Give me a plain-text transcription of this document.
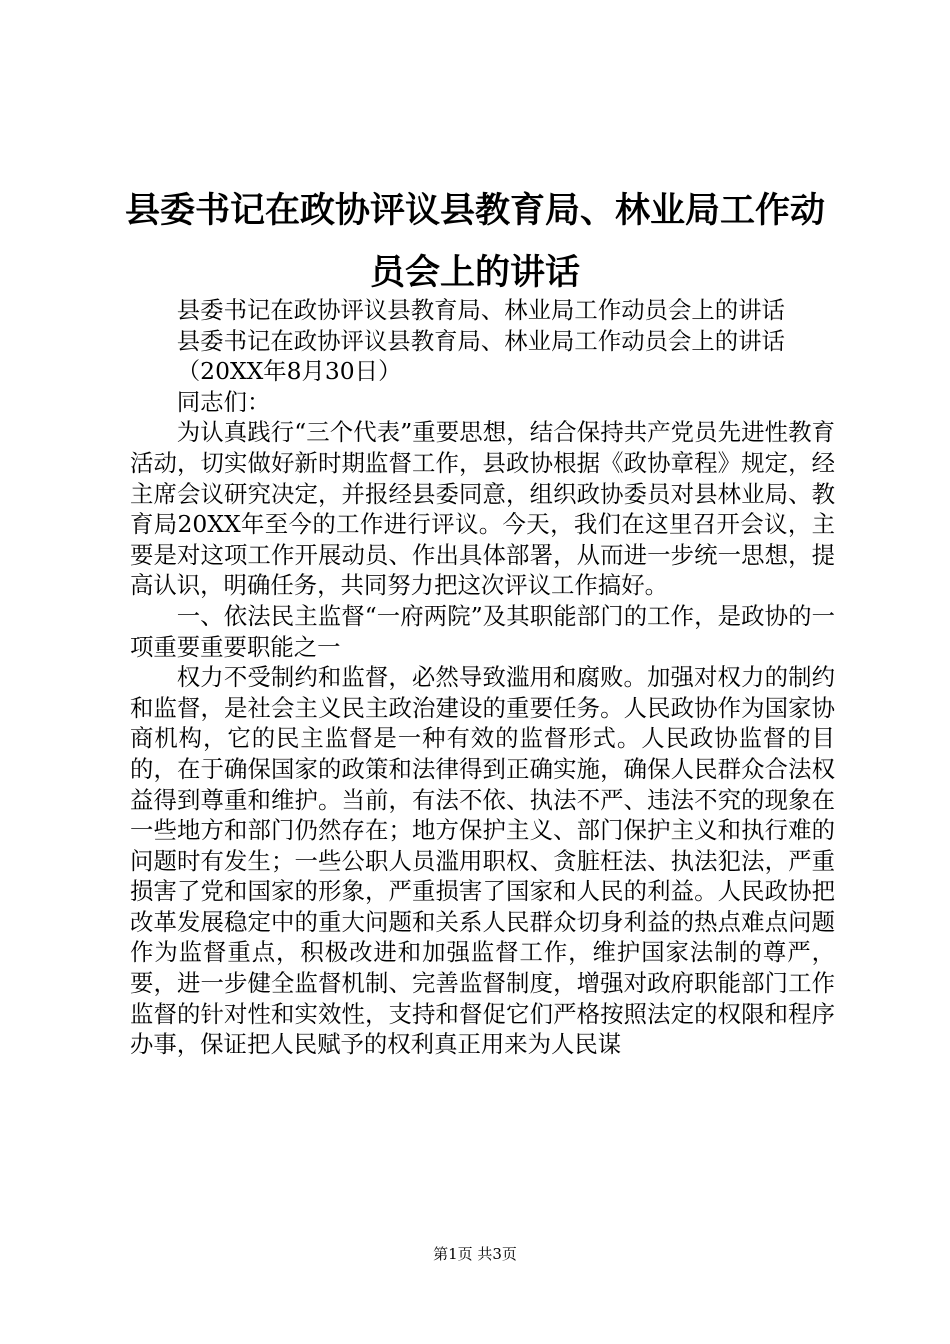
县委书记在政协评议县教育局、林业局工作动员会上的讲话

县委书记在政协评议县教育局、林业局工作动员会上的讲话

县委书记在政协评议县教育局、林业局工作动员会上的讲话

（20XX年8月30日）

同志们：

为认真践行“三个代表”重要思想，结合保持共产党员先进性教育活动，切实做好新时期监督工作，县政协根据《政协章程》规定，经主席会议研究决定，并报经县委同意，组织政协委员对县林业局、教育局20XX年至今的工作进行评议。今天，我们在这里召开会议，主要是对这项工作开展动员、作出具体部署，从而进一步统一思想，提高认识，明确任务，共同努力把这次评议工作搞好。

一、依法民主监督“一府两院”及其职能部门的工作，是政协的一项重要重要职能之一

权力不受制约和监督，必然导致滥用和腐败。加强对权力的制约和监督，是社会主义民主政治建设的重要任务。人民政协作为国家协商机构，它的民主监督是一种有效的监督形式。人民政协监督的目的，在于确保国家的政策和法律得到正确实施，确保人民群众合法权益得到尊重和维护。当前，有法不依、执法不严、违法不究的现象在一些地方和部门仍然存在；地方保护主义、部门保护主义和执行难的问题时有发生；一些公职人员滥用职权、贪脏枉法、执法犯法，严重损害了党和国家的形象，严重损害了国家和人民的利益。人民政协把改革发展稳定中的重大问题和关系人民群众切身利益的热点难点问题作为监督重点，积极改进和加强监督工作，维护国家法制的尊严，要，进一步健全监督机制、完善监督制度，增强对政府职能部门工作监督的针对性和实效性，支持和督促它们严格按照法定的权限和程序办事，保证把人民赋予的权利真正用来为人民谋

第1页 共3页
